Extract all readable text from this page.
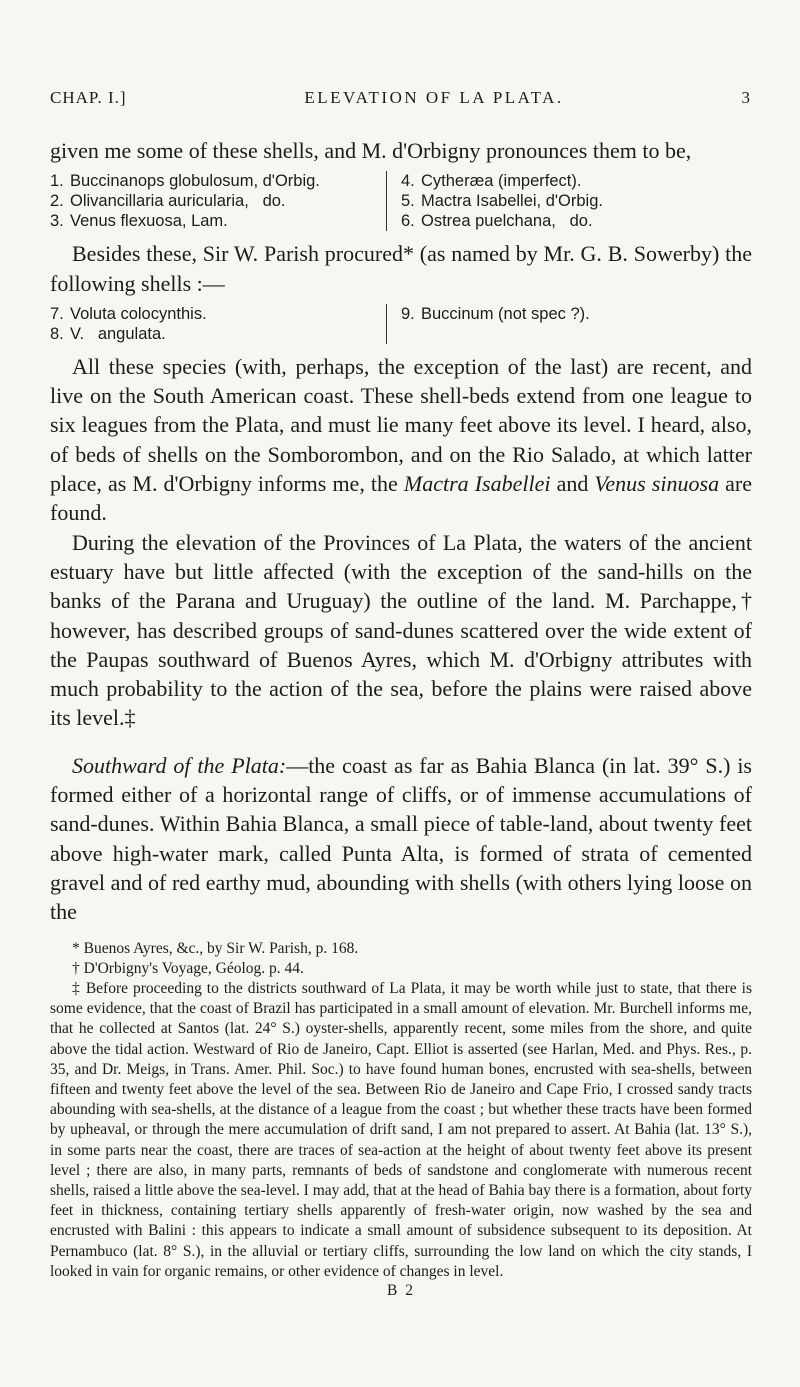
CHAP. I.]	ELEVATION OF LA PLATA.	3

given me some of these shells, and M. d'Orbigny pronounces them to be,

1. Buccinanops globulosum, d'Orbig.
2. Olivancillaria auricularia,   do.
3. Venus flexuosa, Lam.
4. Cytheræa (imperfect).
5. Mactra Isabellei, d'Orbig.
6. Ostrea puelchana,   do.

Besides these, Sir W. Parish procured* (as named by Mr. G. B. Sowerby) the following shells :—

7. Voluta colocynthis.
8. V.   angulata.
9. Buccinum (not spec ?).

All these species (with, perhaps, the exception of the last) are recent, and live on the South American coast. These shell-beds extend from one league to six leagues from the Plata, and must lie many feet above its level. I heard, also, of beds of shells on the Somborombon, and on the Rio Salado, at which latter place, as M. d'Orbigny informs me, the Mactra Isabellei and Venus sinuosa are found.

During the elevation of the Provinces of La Plata, the waters of the ancient estuary have but little affected (with the exception of the sand-hills on the banks of the Parana and Uruguay) the outline of the land. M. Parchappe,† however, has described groups of sand-dunes scattered over the wide extent of the Paupas southward of Buenos Ayres, which M. d'Orbigny attributes with much probability to the action of the sea, before the plains were raised above its level.‡

Southward of the Plata:—the coast as far as Bahia Blanca (in lat. 39° S.) is formed either of a horizontal range of cliffs, or of immense accumulations of sand-dunes. Within Bahia Blanca, a small piece of table-land, about twenty feet above high-water mark, called Punta Alta, is formed of strata of cemented gravel and of red earthy mud, abounding with shells (with others lying loose on the

* Buenos Ayres, &c., by Sir W. Parish, p. 168.

† D'Orbigny's Voyage, Géolog. p. 44.

‡ Before proceeding to the districts southward of La Plata, it may be worth while just to state, that there is some evidence, that the coast of Brazil has participated in a small amount of elevation. Mr. Burchell informs me, that he collected at Santos (lat. 24° S.) oyster-shells, apparently recent, some miles from the shore, and quite above the tidal action. Westward of Rio de Janeiro, Capt. Elliot is asserted (see Harlan, Med. and Phys. Res., p. 35, and Dr. Meigs, in Trans. Amer. Phil. Soc.) to have found human bones, encrusted with sea-shells, between fifteen and twenty feet above the level of the sea. Between Rio de Janeiro and Cape Frio, I crossed sandy tracts abounding with sea-shells, at the distance of a league from the coast ; but whether these tracts have been formed by upheaval, or through the mere accumulation of drift sand, I am not prepared to assert. At Bahia (lat. 13° S.), in some parts near the coast, there are traces of sea-action at the height of about twenty feet above its present level ; there are also, in many parts, remnants of beds of sandstone and conglomerate with numerous recent shells, raised a little above the sea-level. I may add, that at the head of Bahia bay there is a formation, about forty feet in thickness, containing tertiary shells apparently of fresh-water origin, now washed by the sea and encrusted with Balini : this appears to indicate a small amount of subsidence subsequent to its deposition. At Pernambuco (lat. 8° S.), in the alluvial or tertiary cliffs, surrounding the low land on which the city stands, I looked in vain for organic remains, or other evidence of changes in level.

B 2
